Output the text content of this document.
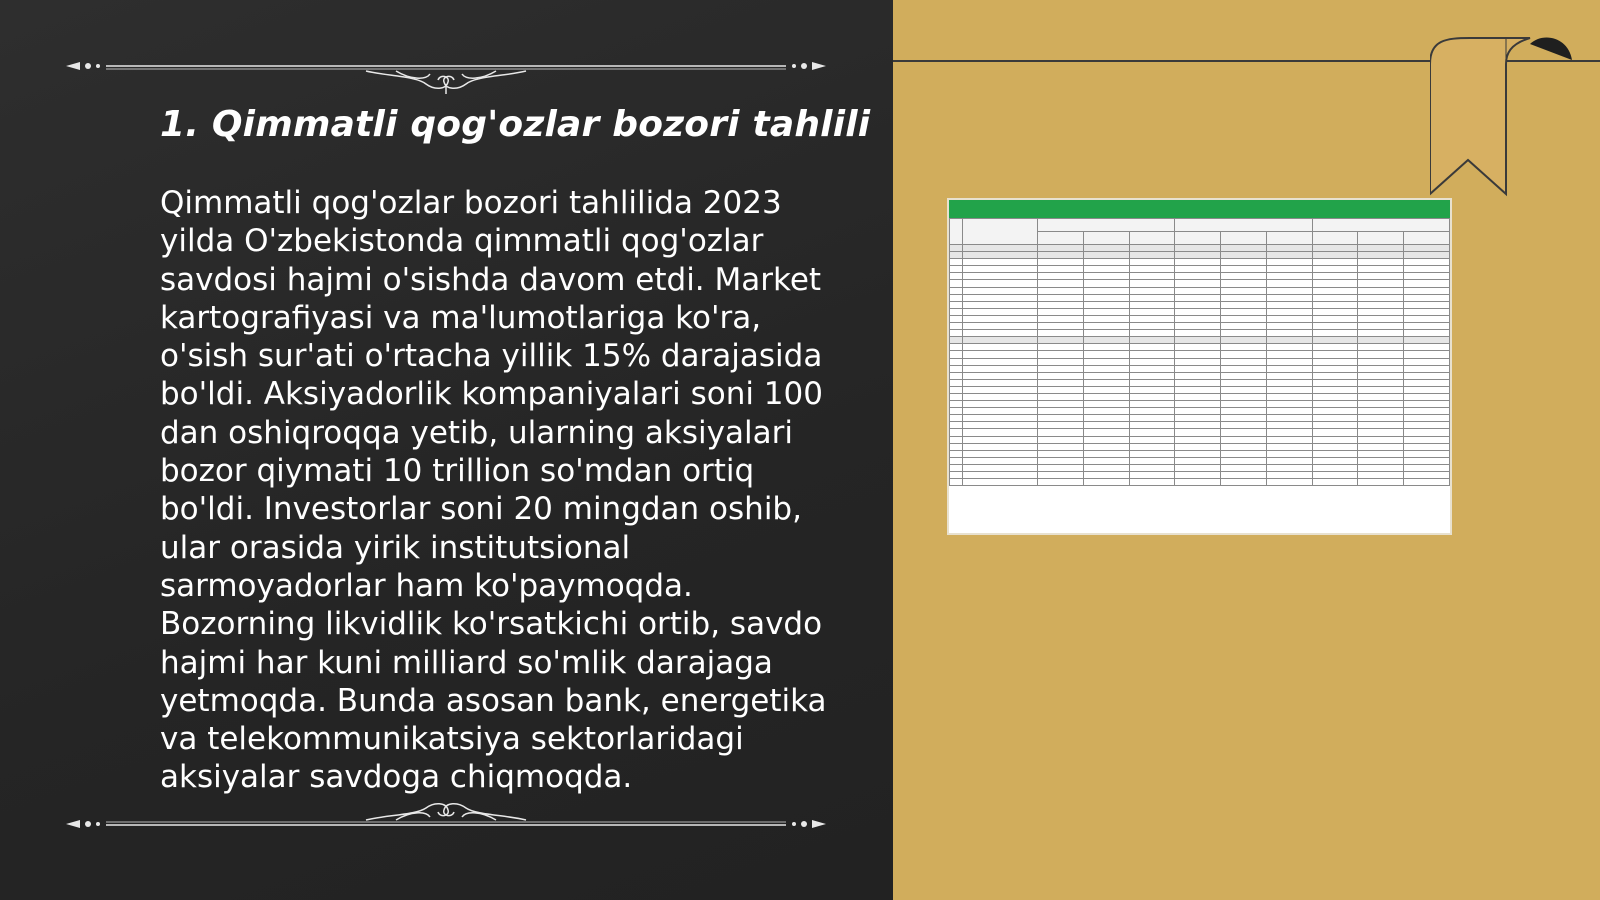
1. Qimmatli qog'ozlar bozori tahlili

Qimmatli qog'ozlar bozori tahlilida 2023 yilda O'zbekistonda qimmatli qog'ozlar savdosi hajmi o'sishda davom etdi. Market kartografiyasi va ma'lumotlariga ko'ra, o'sish sur'ati o'rtacha yillik 15% darajasida bo'ldi. Aksiyadorlik kompaniyalari soni 100 dan oshiqroqqa yetib, ularning aksiyalari bozor qiymati 10 trillion so'mdan ortiq bo'ldi. Investorlar soni 20 mingdan oshib, ular orasida yirik institutsional sarmoyadorlar ham ko'paymoqda. Bozorning likvidlik ko'rsatkichi ortib, savdo hajmi har kuni milliard so'mlik darajaga yetmoqda. Bunda asosan bank, energetika va telekommunikatsiya sektorlaridagi aksiyalar savdoga chiqmoqda.
